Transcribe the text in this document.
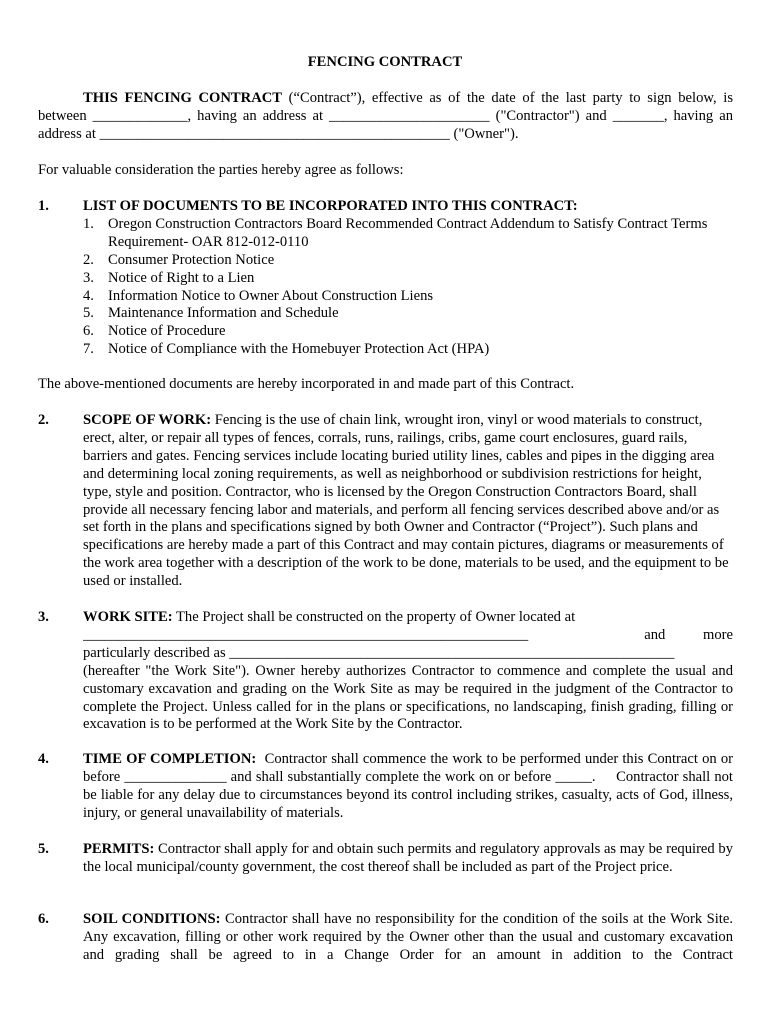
FENCING CONTRACT
THIS FENCING CONTRACT (“Contract”), effective as of the date of the last party to sign below, is between _____________, having an address at ______________________ ("Contractor") and _______, having an address at ________________________________________________ ("Owner").
For valuable consideration the parties hereby agree as follows:
1. LIST OF DOCUMENTS TO BE INCORPORATED INTO THIS CONTRACT:
1. Oregon Construction Contractors Board Recommended Contract Addendum to Satisfy Contract Terms Requirement- OAR 812-012-0110
2. Consumer Protection Notice
3. Notice of Right to a Lien
4. Information Notice to Owner About Construction Liens
5. Maintenance Information and Schedule
6. Notice of Procedure
7. Notice of Compliance with the Homebuyer Protection Act (HPA)
The above-mentioned documents are hereby incorporated in and made part of this Contract.
2. SCOPE OF WORK: Fencing is the use of chain link, wrought iron, vinyl or wood materials to construct, erect, alter, or repair all types of fences, corrals, runs, railings, cribs, game court enclosures, guard rails, barriers and gates. Fencing services include locating buried utility lines, cables and pipes in the digging area and determining local zoning requirements, as well as neighborhood or subdivision restrictions for height, type, style and position. Contractor, who is licensed by the Oregon Construction Contractors Board, shall provide all necessary fencing labor and materials, and perform all fencing services described above and/or as set forth in the plans and specifications signed by both Owner and Contractor (“Project”). Such plans and specifications are hereby made a part of this Contract and may contain pictures, diagrams or measurements of the work area together with a description of the work to be done, materials to be used, and the equipment to be used or installed.
3. WORK SITE: The Project shall be constructed on the property of Owner located at
_____________________________________________________________	and more
particularly described as _____________________________________________________________
(hereafter "the Work Site"). Owner hereby authorizes Contractor to commence and complete the usual and customary excavation and grading on the Work Site as may be required in the judgment of the Contractor to complete the Project. Unless called for in the plans or specifications, no landscaping, finish grading, filling or excavation is to be performed at the Work Site by the Contractor.
4. TIME OF COMPLETION:  Contractor shall commence the work to be performed under this Contract on or before ______________ and shall substantially complete the work on or before _____.     Contractor shall not be liable for any delay due to circumstances beyond its control including strikes, casualty, acts of God, illness, injury, or general unavailability of materials.
5. PERMITS: Contractor shall apply for and obtain such permits and regulatory approvals as may be required by the local municipal/county government, the cost thereof shall be included as part of the Project price.
6. SOIL CONDITIONS: Contractor shall have no responsibility for the condition of the soils at the Work Site. Any excavation, filling or other work required by the Owner other than the usual and customary excavation and grading shall be agreed to in a Change Order for an amount in addition to the Contract
